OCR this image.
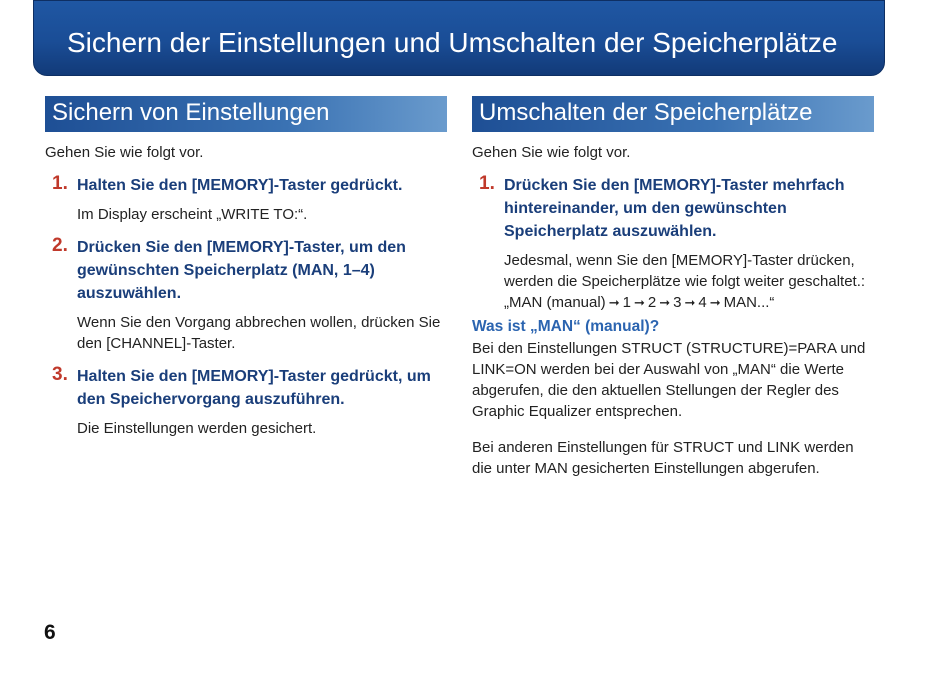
Sichern der Einstellungen und Umschalten der Speicherplätze
Sichern von Einstellungen

Gehen Sie wie folgt vor.

1. Halten Sie den [MEMORY]-Taster gedrückt.
Im Display erscheint „WRITE TO:“.
2. Drücken Sie den [MEMORY]-Taster, um den gewünschten Speicherplatz (MAN, 1–4) auszuwählen.
Wenn Sie den Vorgang abbrechen wollen, drücken Sie den [CHANNEL]-Taster.
3. Halten Sie den [MEMORY]-Taster gedrückt, um den Speichervorgang auszuführen.
Die Einstellungen werden gesichert.
Umschalten der Speicherplätze

Gehen Sie wie folgt vor.

1. Drücken Sie den [MEMORY]-Taster mehrfach hintereinander, um den gewünschten Speicherplatz auszuwählen.
Jedesmal, wenn Sie den [MEMORY]-Taster drücken, werden die Speicherplätze wie folgt weiter geschaltet.:
„MAN (manual) ➞ 1 ➞ 2 ➞ 3 ➞ 4 ➞ MAN...“
Was ist „MAN“ (manual)?

Bei den Einstellungen STRUCT (STRUCTURE)=PARA und LINK=ON werden bei der Auswahl von „MAN“ die Werte abgerufen, die den aktuellen Stellungen der Regler des Graphic Equalizer entsprechen.

Bei anderen Einstellungen für STRUCT und LINK werden die unter MAN gesicherten Einstellungen abgerufen.

6
